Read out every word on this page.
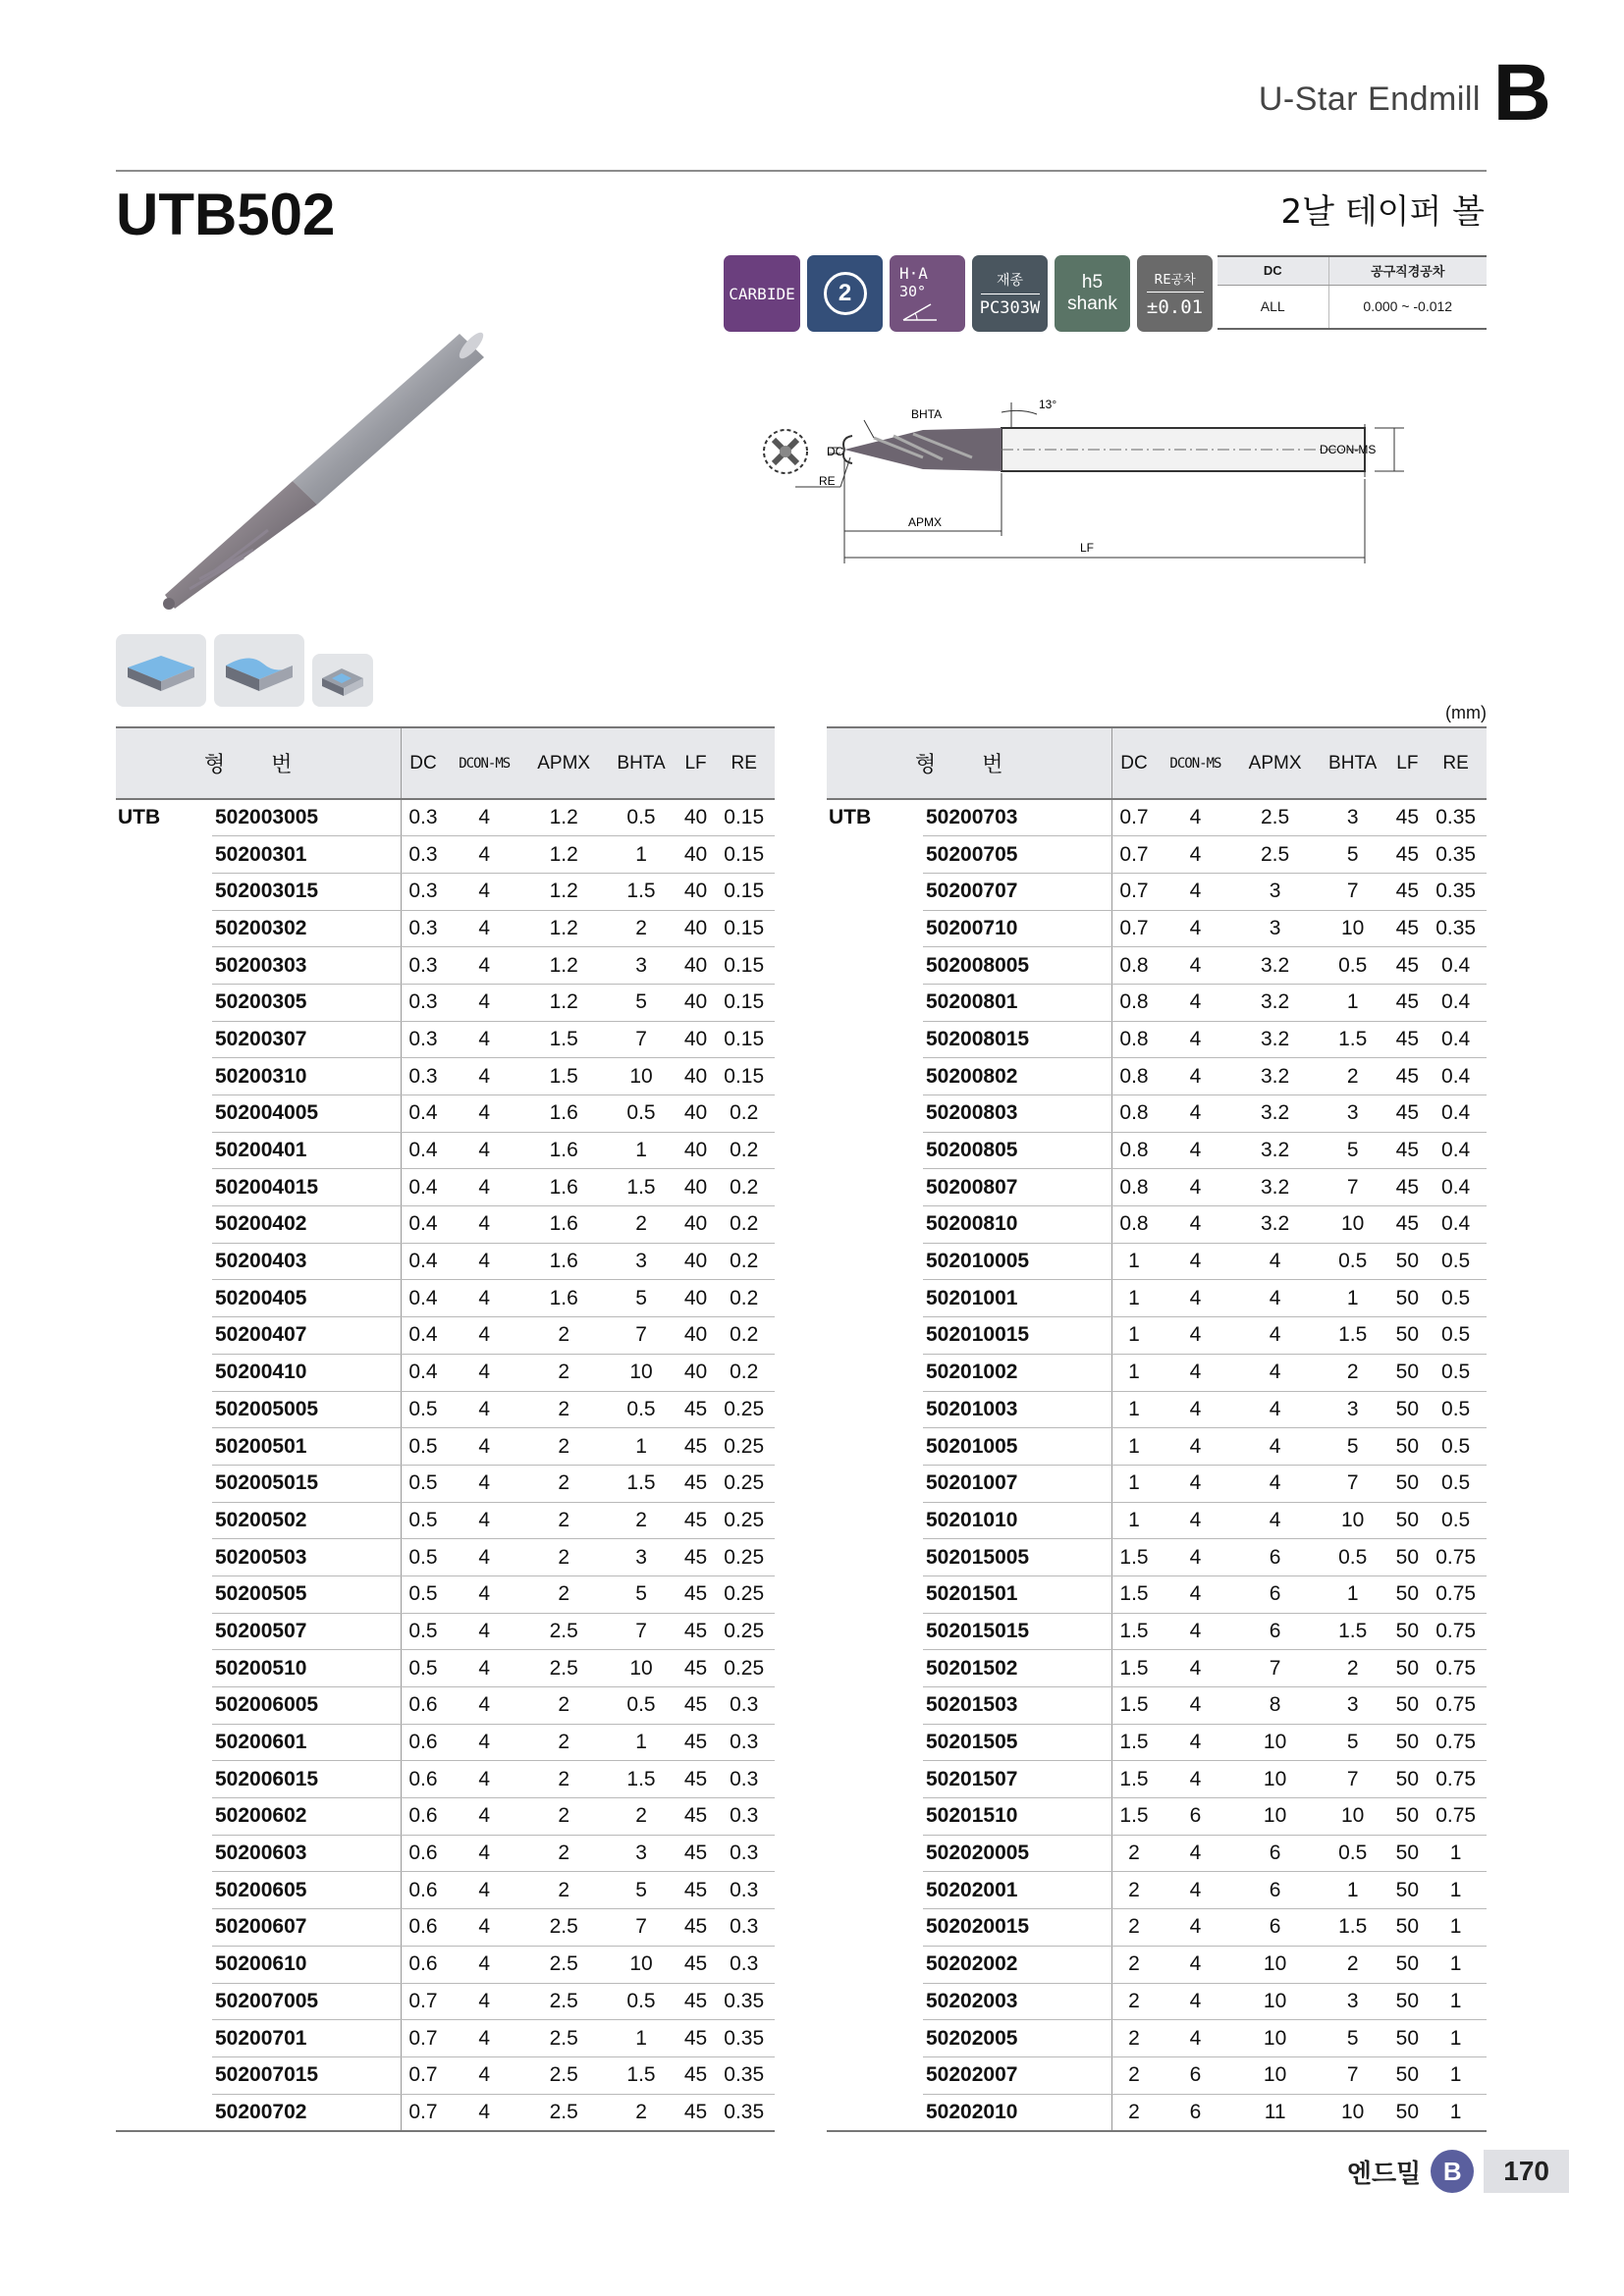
U-Star Endmill B
UTB502	2날 테이퍼 볼
CARBIDE	2
H·A
30°
재종
PC303W
h5
shank
RE공차
±0.01
DC	공구직경공차
ALL	0.000 ~ -0.012
BHTA
13°
DC
RE
APMX
LF
DCON-MS
(mm)
형 번		DC	DCON-MS	APMX	BHTA	LF	RE
UTB	502003005	0.3	4	1.2	0.5	40	0.15
	50200301	0.3	4	1.2	1	40	0.15
	502003015	0.3	4	1.2	1.5	40	0.15
	50200302	0.3	4	1.2	2	40	0.15
	50200303	0.3	4	1.2	3	40	0.15
	50200305	0.3	4	1.2	5	40	0.15
	50200307	0.3	4	1.5	7	40	0.15
	50200310	0.3	4	1.5	10	40	0.15
	502004005	0.4	4	1.6	0.5	40	0.2
	50200401	0.4	4	1.6	1	40	0.2
	502004015	0.4	4	1.6	1.5	40	0.2
	50200402	0.4	4	1.6	2	40	0.2
	50200403	0.4	4	1.6	3	40	0.2
	50200405	0.4	4	1.6	5	40	0.2
	50200407	0.4	4	2	7	40	0.2
	50200410	0.4	4	2	10	40	0.2
	502005005	0.5	4	2	0.5	45	0.25
	50200501	0.5	4	2	1	45	0.25
	502005015	0.5	4	2	1.5	45	0.25
	50200502	0.5	4	2	2	45	0.25
	50200503	0.5	4	2	3	45	0.25
	50200505	0.5	4	2	5	45	0.25
	50200507	0.5	4	2.5	7	45	0.25
	50200510	0.5	4	2.5	10	45	0.25
	502006005	0.6	4	2	0.5	45	0.3
	50200601	0.6	4	2	1	45	0.3
	502006015	0.6	4	2	1.5	45	0.3
	50200602	0.6	4	2	2	45	0.3
	50200603	0.6	4	2	3	45	0.3
	50200605	0.6	4	2	5	45	0.3
	50200607	0.6	4	2.5	7	45	0.3
	50200610	0.6	4	2.5	10	45	0.3
	502007005	0.7	4	2.5	0.5	45	0.35
	50200701	0.7	4	2.5	1	45	0.35
	502007015	0.7	4	2.5	1.5	45	0.35
	50200702	0.7	4	2.5	2	45	0.35
형 번		DC	DCON-MS	APMX	BHTA	LF	RE
UTB	50200703	0.7	4	2.5	3	45	0.35
	50200705	0.7	4	2.5	5	45	0.35
	50200707	0.7	4	3	7	45	0.35
	50200710	0.7	4	3	10	45	0.35
	502008005	0.8	4	3.2	0.5	45	0.4
	50200801	0.8	4	3.2	1	45	0.4
	502008015	0.8	4	3.2	1.5	45	0.4
	50200802	0.8	4	3.2	2	45	0.4
	50200803	0.8	4	3.2	3	45	0.4
	50200805	0.8	4	3.2	5	45	0.4
	50200807	0.8	4	3.2	7	45	0.4
	50200810	0.8	4	3.2	10	45	0.4
	502010005	1	4	4	0.5	50	0.5
	50201001	1	4	4	1	50	0.5
	502010015	1	4	4	1.5	50	0.5
	50201002	1	4	4	2	50	0.5
	50201003	1	4	4	3	50	0.5
	50201005	1	4	4	5	50	0.5
	50201007	1	4	4	7	50	0.5
	50201010	1	4	4	10	50	0.5
	502015005	1.5	4	6	0.5	50	0.75
	50201501	1.5	4	6	1	50	0.75
	502015015	1.5	4	6	1.5	50	0.75
	50201502	1.5	4	7	2	50	0.75
	50201503	1.5	4	8	3	50	0.75
	50201505	1.5	4	10	5	50	0.75
	50201507	1.5	4	10	7	50	0.75
	50201510	1.5	6	10	10	50	0.75
	502020005	2	4	6	0.5	50	1
	50202001	2	4	6	1	50	1
	502020015	2	4	6	1.5	50	1
	50202002	2	4	10	2	50	1
	50202003	2	4	10	3	50	1
	50202005	2	4	10	5	50	1
	50202007	2	6	10	7	50	1
	50202010	2	6	11	10	50	1
엔드밀 B	170
